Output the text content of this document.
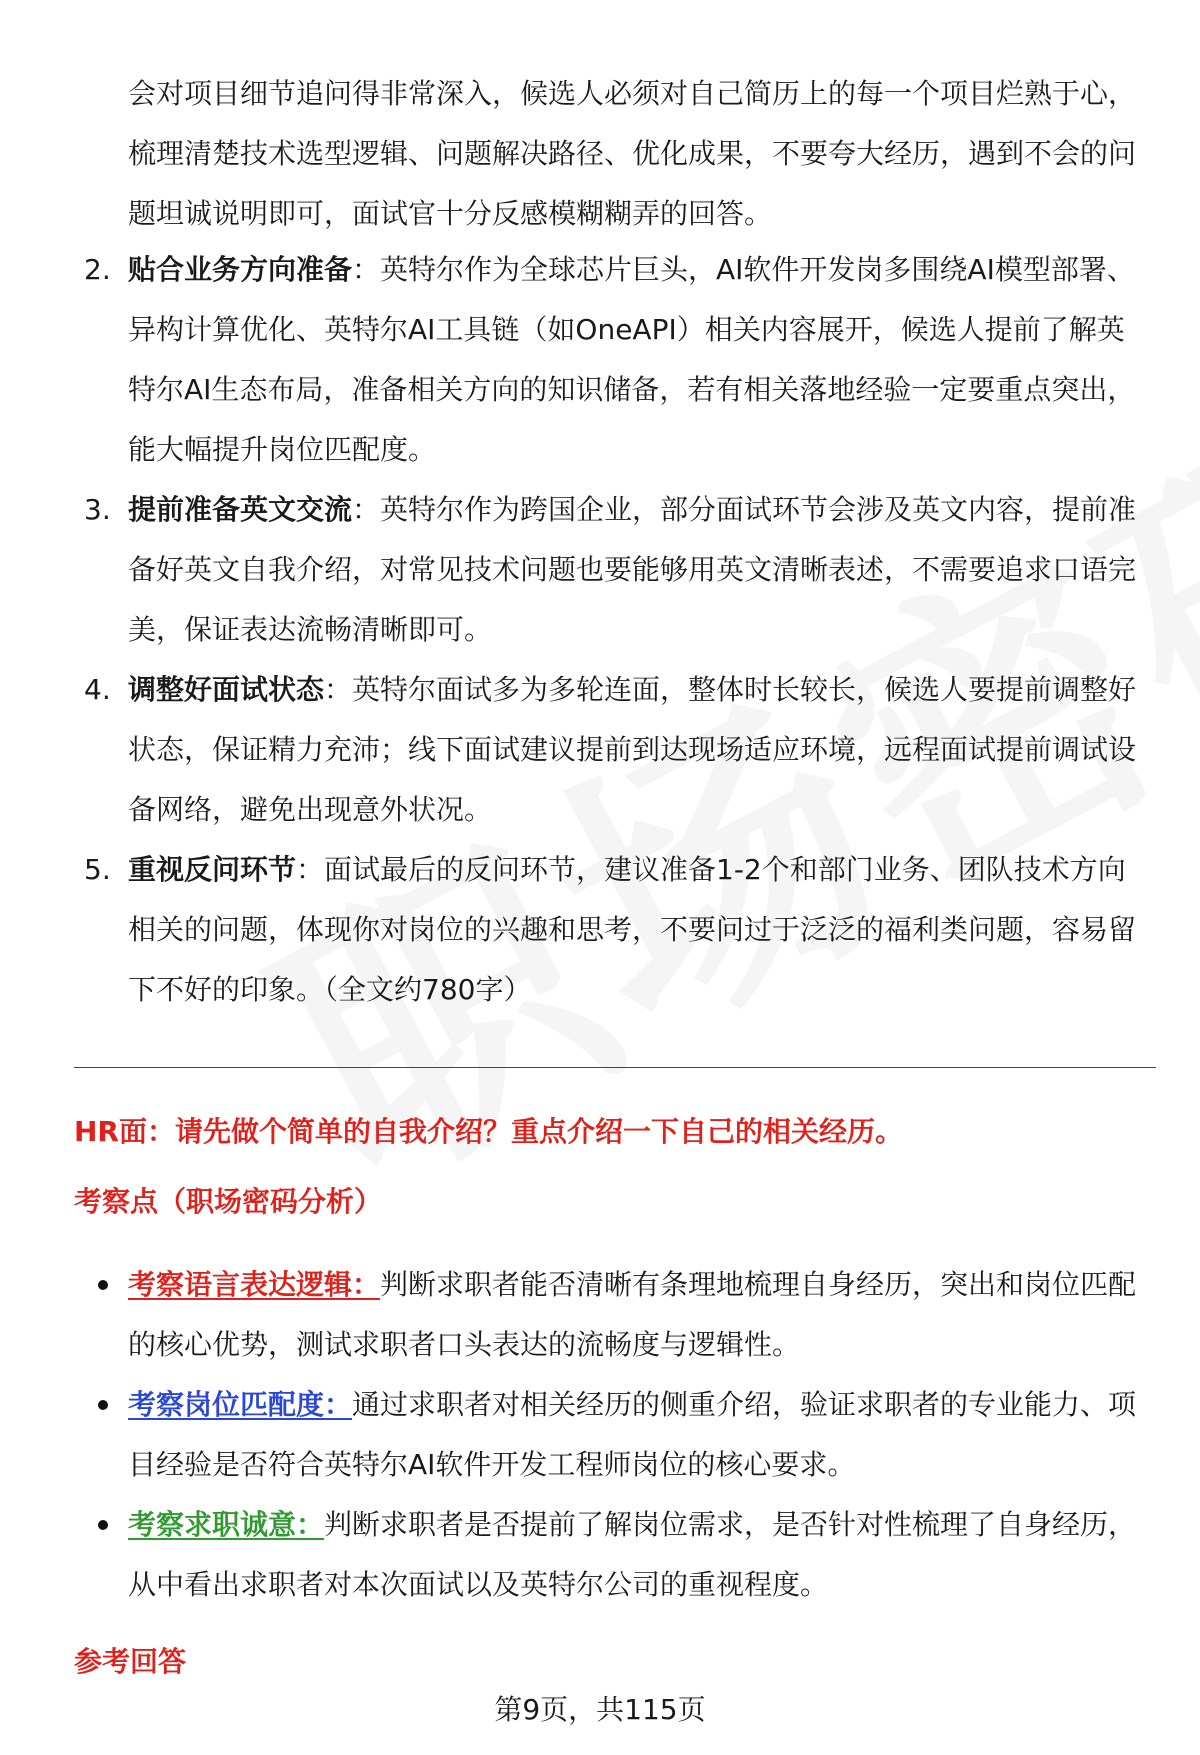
会对项目细节追问得非常深入，候选人必须对自己简历上的每一个项目烂熟于心，梳理清楚技术选型逻辑、问题解决路径、优化成果，不要夸大经历，遇到不会的问题坦诚说明即可，面试官十分反感模糊糊弄的回答。
2. 贴合业务方向准备：英特尔作为全球芯片巨头，AI软件开发岗多围绕AI模型部署、异构计算优化、英特尔AI工具链（如OneAPI）相关内容展开，候选人提前了解英特尔AI生态布局，准备相关方向的知识储备，若有相关落地经验一定要重点突出，能大幅提升岗位匹配度。
3. 提前准备英文交流：英特尔作为跨国企业，部分面试环节会涉及英文内容，提前准备好英文自我介绍，对常见技术问题也要能够用英文清晰表述，不需要追求口语完美，保证表达流畅清晰即可。
4. 调整好面试状态：英特尔面试多为多轮连面，整体时长较长，候选人要提前调整好状态，保证精力充沛；线下面试建议提前到达现场适应环境，远程面试提前调试设备网络，避免出现意外状况。
5. 重视反问环节：面试最后的反问环节，建议准备1-2个和部门业务、团队技术方向相关的问题，体现你对岗位的兴趣和思考，不要问过于泛泛的福利类问题，容易留下不好的印象。（全文约780字）
HR面：请先做个简单的自我介绍？重点介绍一下自己的相关经历。
考察点（职场密码分析）
考察语言表达逻辑：判断求职者能否清晰有条理地梳理自身经历，突出和岗位匹配的核心优势，测试求职者口头表达的流畅度与逻辑性。
考察岗位匹配度：通过求职者对相关经历的侧重介绍，验证求职者的专业能力、项目经验是否符合英特尔AI软件开发工程师岗位的核心要求。
考察求职诚意：判断求职者是否提前了解岗位需求，是否针对性梳理了自身经历，从中看出求职者对本次面试以及英特尔公司的重视程度。
参考回答
第9页，共115页
